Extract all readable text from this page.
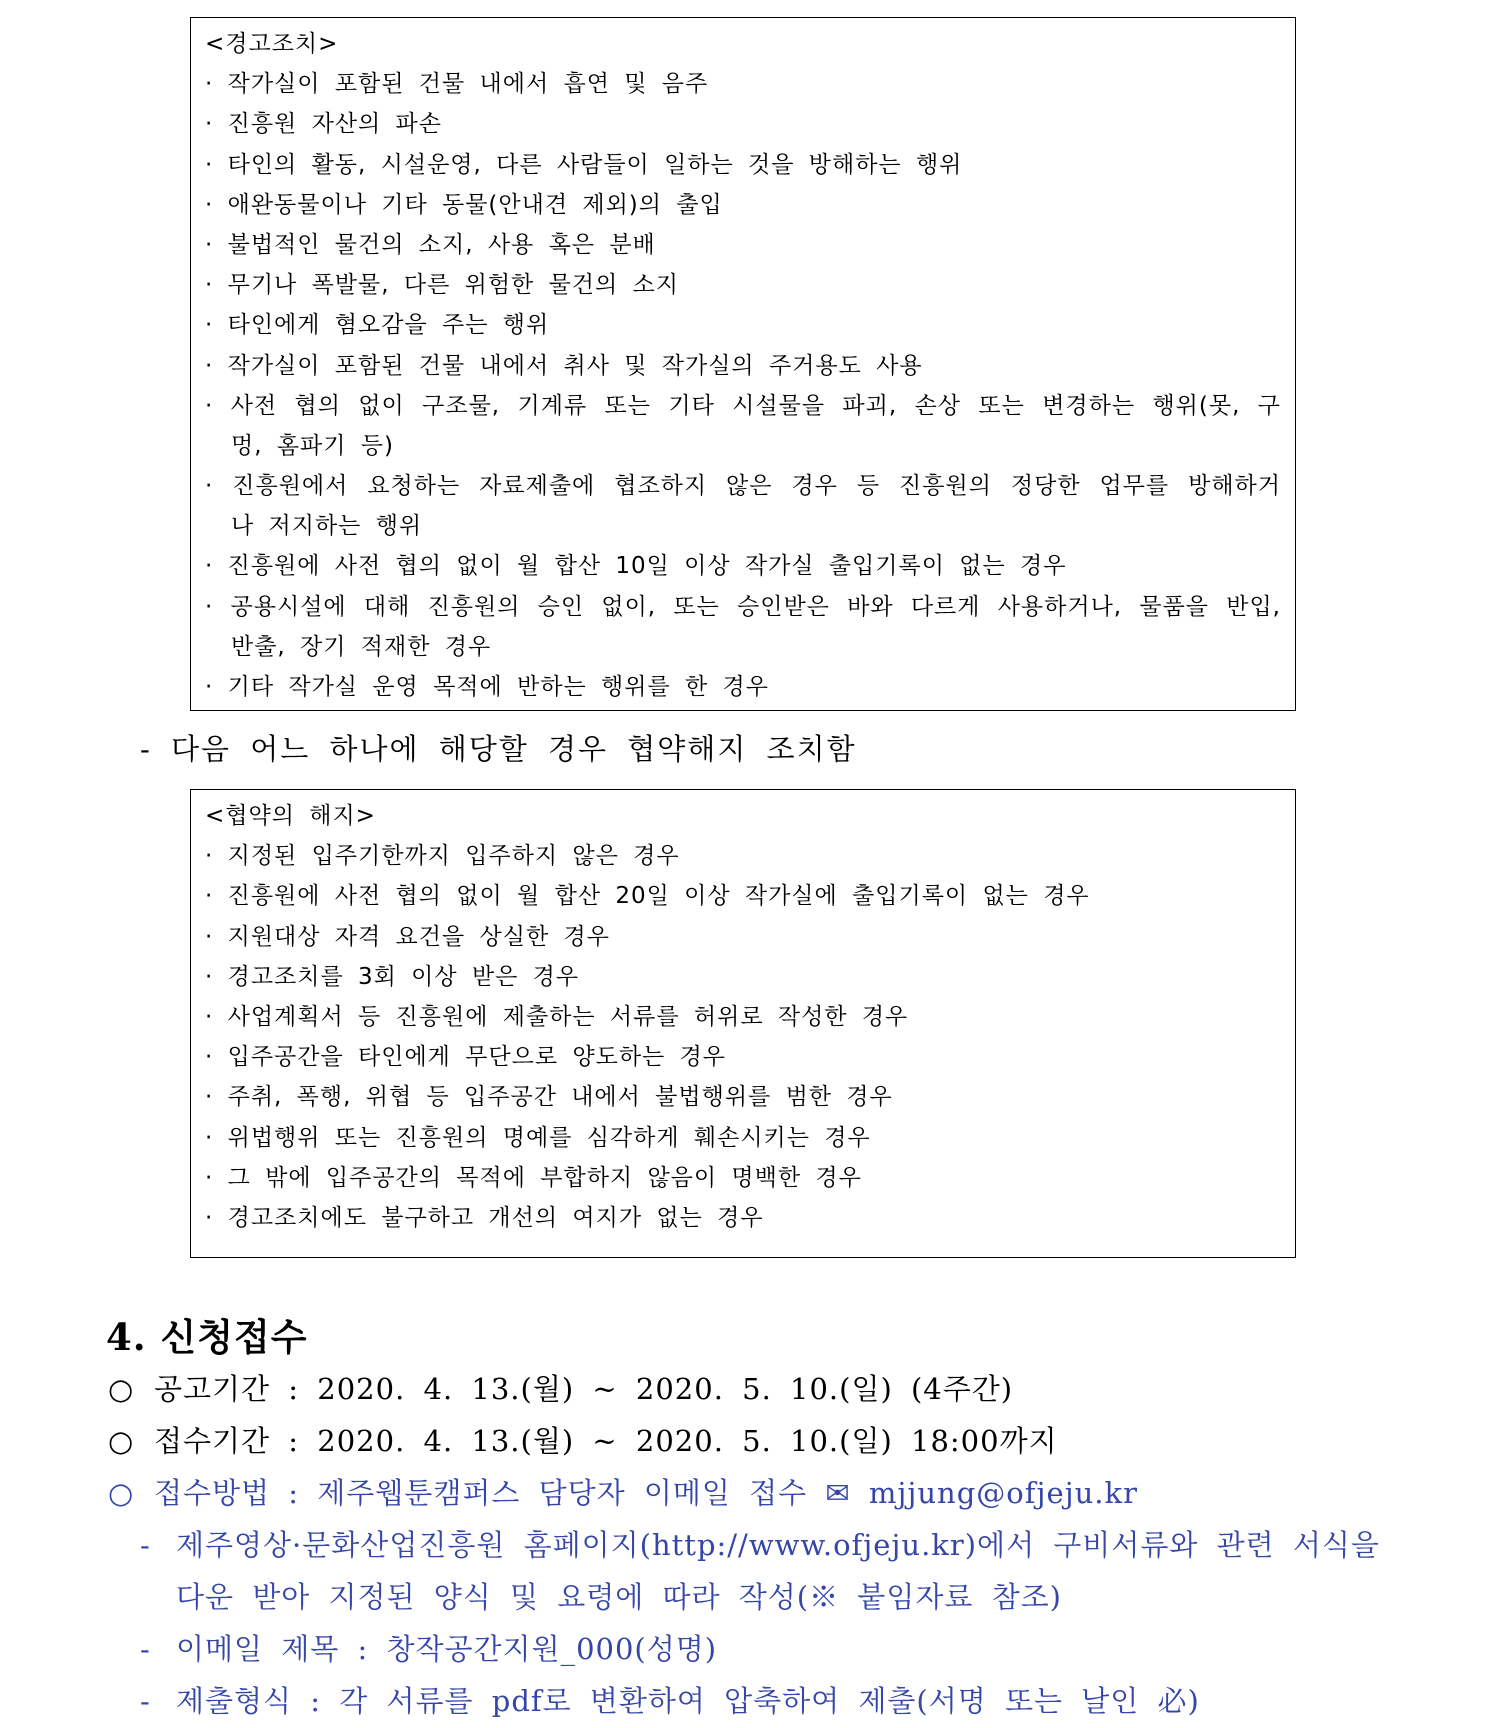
<경고조치>
· 작가실이 포함된 건물 내에서 흡연 및 음주
· 진흥원 자산의 파손
· 타인의 활동, 시설운영, 다른 사람들이 일하는 것을 방해하는 행위
· 애완동물이나 기타 동물(안내견 제외)의 출입
· 불법적인 물건의 소지, 사용 혹은 분배
· 무기나 폭발물, 다른 위험한 물건의 소지
· 타인에게 혐오감을 주는 행위
· 작가실이 포함된 건물 내에서 취사 및 작가실의 주거용도 사용
· 사전 협의 없이 구조물, 기계류 또는 기타 시설물을 파괴, 손상 또는 변경하는 행위(못, 구
멍, 홈파기 등)
· 진흥원에서 요청하는 자료제출에 협조하지 않은 경우 등 진흥원의 정당한 업무를 방해하거
나 저지하는 행위
· 진흥원에 사전 협의 없이 월 합산 10일 이상 작가실 출입기록이 없는 경우
· 공용시설에 대해 진흥원의 승인 없이, 또는 승인받은 바와 다르게 사용하거나, 물품을 반입,
반출, 장기 적재한 경우
· 기타 작가실 운영 목적에 반하는 행위를 한 경우
- 다음 어느 하나에 해당할 경우 협약해지 조치함
<협약의 해지>
· 지정된 입주기한까지 입주하지 않은 경우
· 진흥원에 사전 협의 없이 월 합산 20일 이상 작가실에 출입기록이 없는 경우
· 지원대상 자격 요건을 상실한 경우
· 경고조치를 3회 이상 받은 경우
· 사업계획서 등 진흥원에 제출하는 서류를 허위로 작성한 경우
· 입주공간을 타인에게 무단으로 양도하는 경우
· 주취, 폭행, 위협 등 입주공간 내에서 불법행위를 범한 경우
· 위법행위 또는 진흥원의 명예를 심각하게 훼손시키는 경우
· 그 밖에 입주공간의 목적에 부합하지 않음이 명백한 경우
· 경고조치에도 불구하고 개선의 여지가 없는 경우
4. 신청접수
○ 공고기간 : 2020. 4. 13.(월) ~ 2020. 5. 10.(일) (4주간)
○ 접수기간 : 2020. 4. 13.(월) ~ 2020. 5. 10.(일) 18:00까지
○ 접수방법 : 제주웹툰캠퍼스 담당자 이메일 접수 ✉ mjjung@ofjeju.kr
- 제주영상·문화산업진흥원 홈페이지(http://www.ofjeju.kr)에서 구비서류와 관련 서식을
다운 받아 지정된 양식 및 요령에 따라 작성(※ 붙임자료 참조)
- 이메일 제목 : 창작공간지원_000(성명)
- 제출형식 : 각 서류를 pdf로 변환하여 압축하여 제출(서명 또는 날인 必)
